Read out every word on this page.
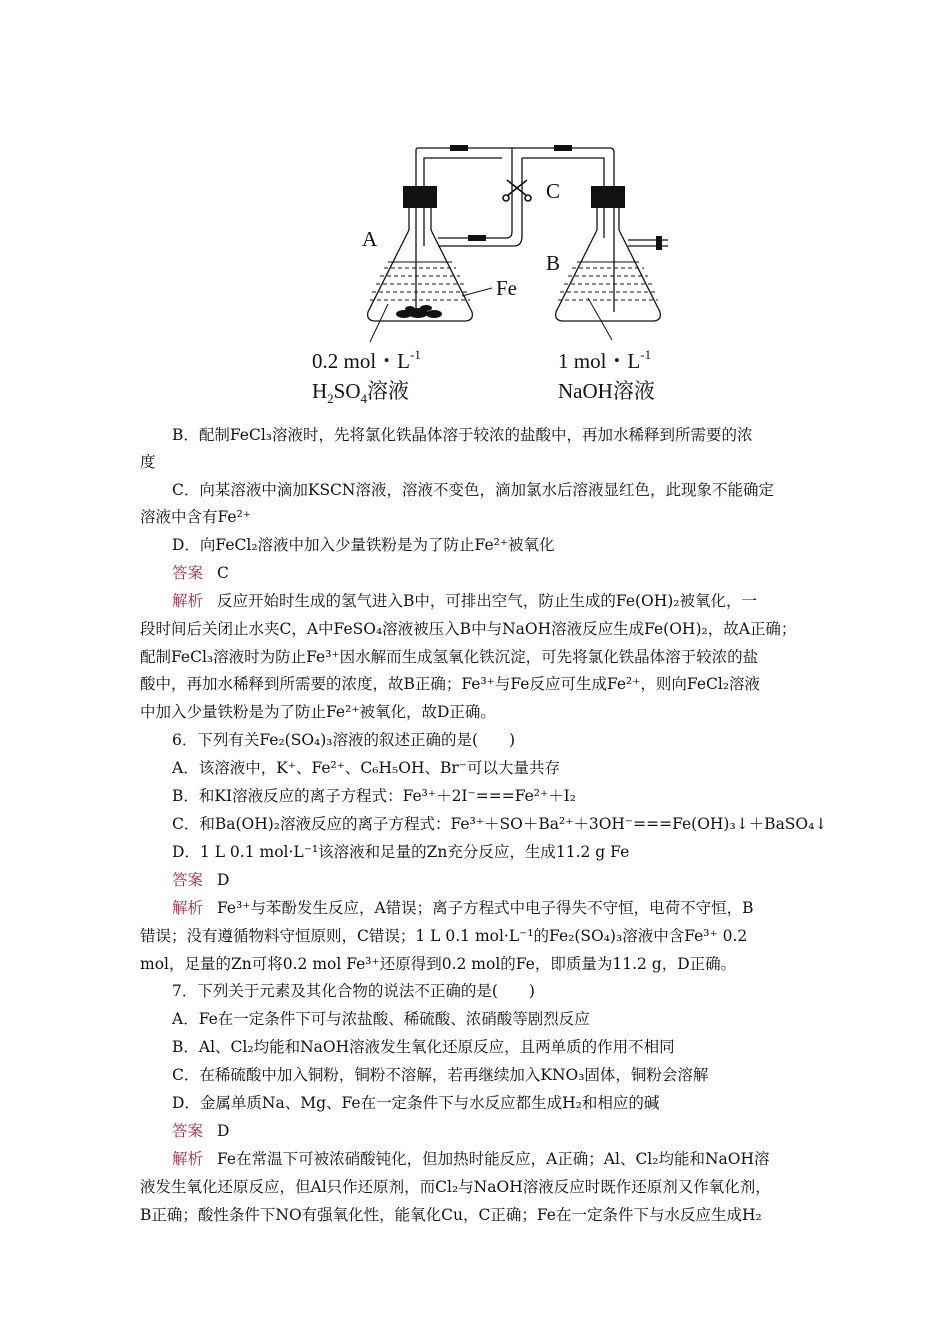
A
B
C
Fe
0.2 mol・$L^{-1}$
$H_2SO_4$溶液
1 mol・$L^{-1}$
NaOH溶液
B．配制FeCl₃溶液时，先将氯化铁晶体溶于较浓的盐酸中，再加水稀释到所需要的浓
度
C．向某溶液中滴加KSCN溶液，溶液不变色，滴加氯水后溶液显红色，此现象不能确定
溶液中含有Fe²⁺
D．向FeCl₂溶液中加入少量铁粉是为了防止Fe²⁺被氧化
答案 C
解析 反应开始时生成的氢气进入B中，可排出空气，防止生成的Fe(OH)₂被氧化，一
段时间后关闭止水夹C，A中FeSO₄溶液被压入B中与NaOH溶液反应生成Fe(OH)₂，故A正确；
配制FeCl₃溶液时为防止Fe³⁺因水解而生成氢氧化铁沉淀，可先将氯化铁晶体溶于较浓的盐
酸中，再加水稀释到所需要的浓度，故B正确；Fe³⁺与Fe反应可生成Fe²⁺，则向FeCl₂溶液
中加入少量铁粉是为了防止Fe²⁺被氧化，故D正确。
6．下列有关Fe₂(SO₄)₃溶液的叙述正确的是(　　)
A．该溶液中，K⁺、Fe²⁺、C₆H₅OH、Br⁻可以大量共存
B．和KI溶液反应的离子方程式：Fe³⁺＋2I⁻===Fe²⁺＋I₂
C．和Ba(OH)₂溶液反应的离子方程式：Fe³⁺＋SO＋Ba²⁺＋3OH⁻===Fe(OH)₃↓＋BaSO₄↓
D．1 L 0.1 mol·L⁻¹该溶液和足量的Zn充分反应，生成11.2 g Fe
答案 D
解析 Fe³⁺与苯酚发生反应，A错误；离子方程式中电子得失不守恒，电荷不守恒，B
错误；没有遵循物料守恒原则，C错误；1 L 0.1 mol·L⁻¹的Fe₂(SO₄)₃溶液中含Fe³⁺ 0.2
mol，足量的Zn可将0.2 mol Fe³⁺还原得到0.2 mol的Fe，即质量为11.2 g，D正确。
7．下列关于元素及其化合物的说法不正确的是(　　)
A．Fe在一定条件下可与浓盐酸、稀硫酸、浓硝酸等剧烈反应
B．Al、Cl₂均能和NaOH溶液发生氧化还原反应，且两单质的作用不相同
C．在稀硫酸中加入铜粉，铜粉不溶解，若再继续加入KNO₃固体，铜粉会溶解
D．金属单质Na、Mg、Fe在一定条件下与水反应都生成H₂和相应的碱
答案 D
解析 Fe在常温下可被浓硝酸钝化，但加热时能反应，A正确；Al、Cl₂均能和NaOH溶
液发生氧化还原反应，但Al只作还原剂，而Cl₂与NaOH溶液反应时既作还原剂又作氧化剂，
B正确；酸性条件下NO有强氧化性，能氧化Cu，C正确；Fe在一定条件下与水反应生成H₂
